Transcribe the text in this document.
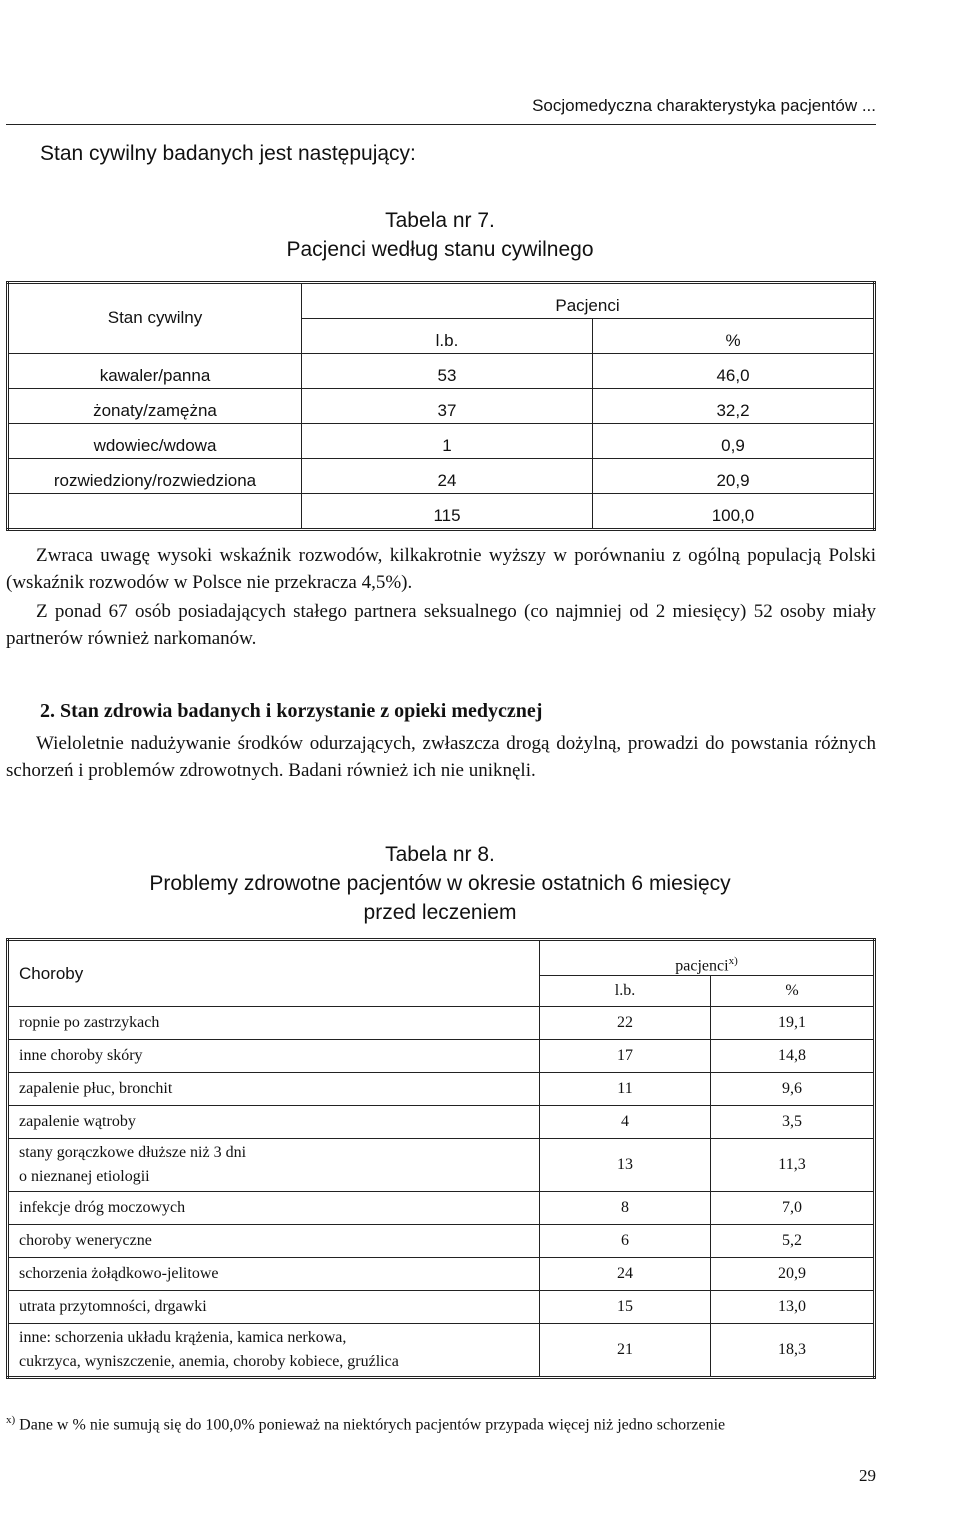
Socjomedyczna charakterystyka pacjentów ...
Stan cywilny badanych jest następujący:
Tabela nr 7.
Pacjenci według stanu cywilnego
Stan cywilny	Pacjenci	
	l.b.	%
kawaler/panna	53	46,0
żonaty/zamężna	37	32,2
wdowiec/wdowa	1	0,9
rozwiedziony/rozwiedziona	24	20,9
	115	100,0

Zwraca uwagę wysoki wskaźnik rozwodów, kilkakrotnie wyższy w porównaniu z ogólną populacją Polski (wskaźnik rozwodów w Polsce nie przekracza 4,5%).

Z ponad 67 osób posiadających stałego partnera seksualnego (co najmniej od 2 miesięcy) 52 osoby miały partnerów również narkomanów.

2. Stan zdrowia badanych i korzystanie z opieki medycznej

Wieloletnie nadużywanie środków odurzających, zwłaszcza drogą dożylną, prowadzi do powstania różnych schorzeń i problemów zdrowotnych. Badani również ich nie uniknęli.

Tabela nr 8.
Problemy zdrowotne pacjentów w okresie ostatnich 6 miesięcy
przed leczeniem
Choroby	pacjenci$^{x)}$
	l.b.	%
ropnie po zastrzykach	22	19,1
inne choroby skóry	17	14,8
zapalenie płuc, bronchit	11	9,6
zapalenie wątroby	4	3,5

stany gorączkowe dłuższe niż 3 dni
o nieznanej etiologii	13	11,3
infekcje dróg moczowych	8	7,0
choroby weneryczne	6	5,2
schorzenia żołądkowo-jelitowe	24	20,9
utrata przytomności, drgawki	15	13,0

inne: schorzenia układu krążenia, kamica nerkowa,
cukrzyca, wyniszczenie, anemia, choroby kobiece, gruźlica	21	18,3
$^{x)}$ Dane w % nie sumują się do 100,0% ponieważ na niektórych pacjentów przypada więcej niż jedno schorzenie
29
